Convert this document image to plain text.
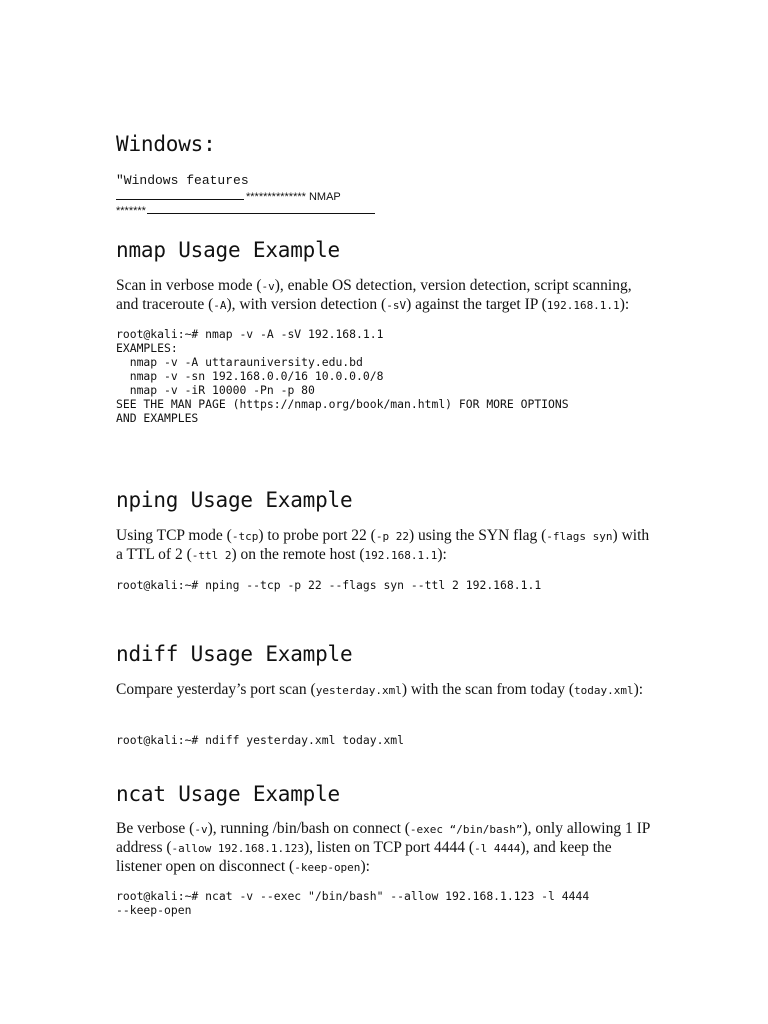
Windows:
"Windows features
************** NMAP
*******
nmap Usage Example

Scan in verbose mode (-v), enable OS detection, version detection, script scanning, and traceroute (-A), with version detection (-sV) against the target IP (192.168.1.1):

root@kali:~# nmap -v -A -sV 192.168.1.1
EXAMPLES:
nmap -v -A uttarauniversity.edu.bd
nmap -v -sn 192.168.0.0/16 10.0.0.0/8
nmap -v -iR 10000 -Pn -p 80
SEE THE MAN PAGE (https://nmap.org/book/man.html) FOR MORE OPTIONS
AND EXAMPLES
nping Usage Example

Using TCP mode (-tcp) to probe port 22 (-p 22) using the SYN flag (-flags syn) with a TTL of 2 (-ttl 2) on the remote host (192.168.1.1):

root@kali:~# nping --tcp -p 22 --flags syn --ttl 2 192.168.1.1
ndiff Usage Example

Compare yesterday’s port scan (yesterday.xml) with the scan from today (today.xml):

root@kali:~# ndiff yesterday.xml today.xml
ncat Usage Example

Be verbose (-v), running /bin/bash on connect (-exec “/bin/bash”), only allowing 1 IP address (-allow 192.168.1.123), listen on TCP port 4444 (-l 4444), and keep the listener open on disconnect (-keep-open):

root@kali:~# ncat -v --exec "/bin/bash" --allow 192.168.1.123 -l 4444
--keep-open
